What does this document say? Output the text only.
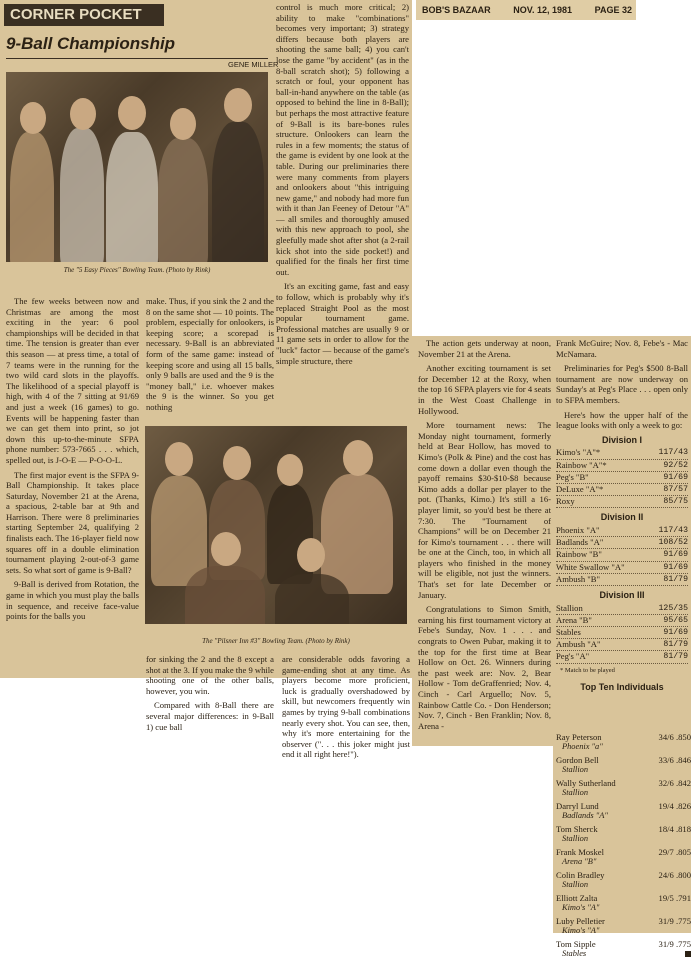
CORNER POCKET
9-Ball Championship
GENE MILLER
BOB'S BAZAAR	NOV. 12, 1981	PAGE 32
The "5 Easy Pieces" Bowling Team. (Photo by Rink)

control is much more critical; 2) ability to make "combinations" becomes very important; 3) strategy differs because both players are shooting the same ball; 4) you can't lose the game "by accident" (as in the 8-ball scratch shot); 5) following a scratch or foul, your opponent has ball-in-hand anywhere on the table (as opposed to behind the line in 8-Ball); but perhaps the most attractive feature of 9-Ball is its bare-bones rules structure. Onlookers can learn the rules in a few moments; the status of the game is evident by one look at the table. During our preliminaries there were many comments from players and onlookers about "this intriguing new game," and nobody had more fun with it than Jan Feeney of Detour "A" — all smiles and thoroughly amused with this new approach to pool, she gleefully made shot after shot (a 2-rail kick shot into the side pocket!) and qualified for the finals her first time out.

It's an exciting game, fast and easy to follow, which is probably why it's replaced Straight Pool as the most popular tournament game. Professional matches are usually 9 or 11 game sets in order to allow for the "luck" factor — because of the game's simple structure, there

The few weeks between now and Christmas are among the most exciting in the year: 6 pool championships will be decided in that time. The tension is greater than ever this season — at press time, a total of 7 teams were in the running for the two wild card slots in the playoffs. The likelihood of a special playoff is high, with 4 of the 7 sitting at 91/69 and just a week (16 games) to go. Events will be happening faster than we can get them into print, so jot down this up-to-the-minute SFPA phone number: 573-7665 . . . which, spelled out, is J-O-E — P-O-O-L.

The first major event is the SFPA 9-Ball Championship. It takes place Saturday, November 21 at the Arena, a spacious, 2-table bar at 9th and Harrison. There were 8 preliminaries starting September 24, qualifying 2 finalists each. The 16-player field now squares off in a double elimination tournament playing 2-out-of-3 game sets. So what sort of game is 9-Ball?

9-Ball is derived from Rotation, the game in which you must play the balls in sequence, and receive face-value points for the balls you

make. Thus, if you sink the 2 and the 8 on the same shot — 10 points. The problem, especially for onlookers, is keeping score; a scorepad is necessary. 9-Ball is an abbreviated form of the same game: instead of keeping score and using all 15 balls, only 9 balls are used and the 9 is the "money ball," i.e. whoever makes the 9 is the winner. So you get nothing

The "Pilsner Inn #3" Bowling Team. (Photo by Rink)

for sinking the 2 and the 8 except a shot at the 3. If you make the 9 while shooting one of the other balls, however, you win.

Compared with 8-Ball there are several major differences: in 9-Ball 1) cue ball

are considerable odds favoring a game-ending shot at any time. As players become more proficient, luck is gradually overshadowed by skill, but newcomers frequently win games by trying 9-ball combinations nearly every shot. You can see, then, why it's more entertaining for the observer (". . . this joker might just end it all right here!").

The action gets underway at noon, November 21 at the Arena.

Another exciting tournament is set for December 12 at the Roxy, when the top 16 SFPA players vie for 4 seats in the West Coast Challenge in Hollywood.

More tournament news: The Monday night tournament, formerly held at Bear Hollow, has moved to Kimo's (Polk & Pine) and the cost has come down a dollar even though the payoff remains $30-$10-$8 because Kimo adds a dollar per player to the pot. (Thanks, Kimo.) It's still a 16-player limit, so you'd best be there at 7:30. The "Tournament of Champions" will be on December 21 for Kimo's tournament . . . there will be one at the Cinch, too, in which all players who finished in the money will be eligible, not just the winners. That's set for late December or January.

Congratulations to Simon Smith, earning his first tournament victory at Febe's Sunday, Nov. 1 . . . and congrats to Owen Pubar, making it to the top for the first time at Bear Hollow on Oct. 26. Winners during the past week are: Nov. 2, Bear Hollow - Tom deGraffenried; Nov. 4, Cinch - Carl Arguello; Nov. 5, Rainbow Cattle Co. - Don Henderson; Nov. 7, Cinch - Ben Franklin; Nov. 8, Arena -

Frank McGuire; Nov. 8, Febe's - Mac McNamara.

Preliminaries for Peg's $500 8-Ball tournament are now underway on Sunday's at Peg's Place . . . open only to SFPA members.

Here's how the upper half of the league looks with only a week to go:

Division I
Kimo's "A"*	117/43
Rainbow "A"*	92/52
Peg's "B"	91/69
DeLuxe "A"*	87/57
Roxy	85/75
Division II
Phoenix "A"	117/43
Badlands "A"	108/52
Rainbow "B"	91/69
White Swallow "A"	91/69
Ambush "B"	81/79
Division III
Stallion	125/35
Arena "B"	95/65
Stables	91/69
Ambush "A"	81/79
Peg's "A"	81/79
* Match to be played
Top Ten Individuals
Ray Peterson	34/6 .850
Phoenix "a"
Gordon Bell	33/6 .846
Stallion
Wally Sutherland	32/6 .842
Stallion
Darryl Lund	19/4 .826
Badlands "A"
Tom Sherck	18/4 .818
Stallion
Frank Moskel	29/7 .805
Arena "B"
Colin Bradley	24/6 .800
Stallion
Elliott Zalta	19/5 .791
Kimo's "A"
Luby Pelletier	31/9 .775
Kimo's "A"
Tom Sipple	31/9 .775
Stables
